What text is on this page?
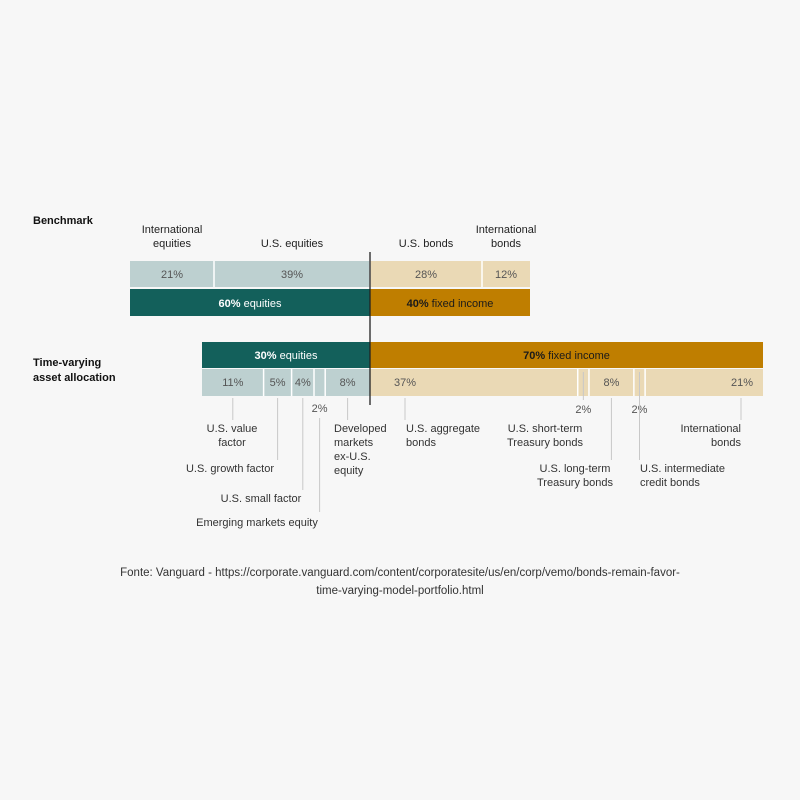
Benchmark
21%
International
equities
39%
U.S. equities
28%
U.S. bonds
12%
International
bonds
60% equities	40% fixed income
Time-varying
asset allocation
30% equities	70% fixed income
11%
U.S. value
factor
5%
U.S. growth factor
4%
U.S. small factor
2%
Emerging markets equity
8%
Developed
markets
ex-U.S.
equity
37%
U.S. aggregate
bonds
2%
U.S. short-term
Treasury bonds
8%
U.S. long-term
Treasury bonds
2%
U.S. intermediate
credit bonds
21%
International
bonds
Fonte: Vanguard - https://corporate.vanguard.com/content/corporatesite/us/en/corp/vemo/bonds-remain-favor-
time-varying-model-portfolio.html
